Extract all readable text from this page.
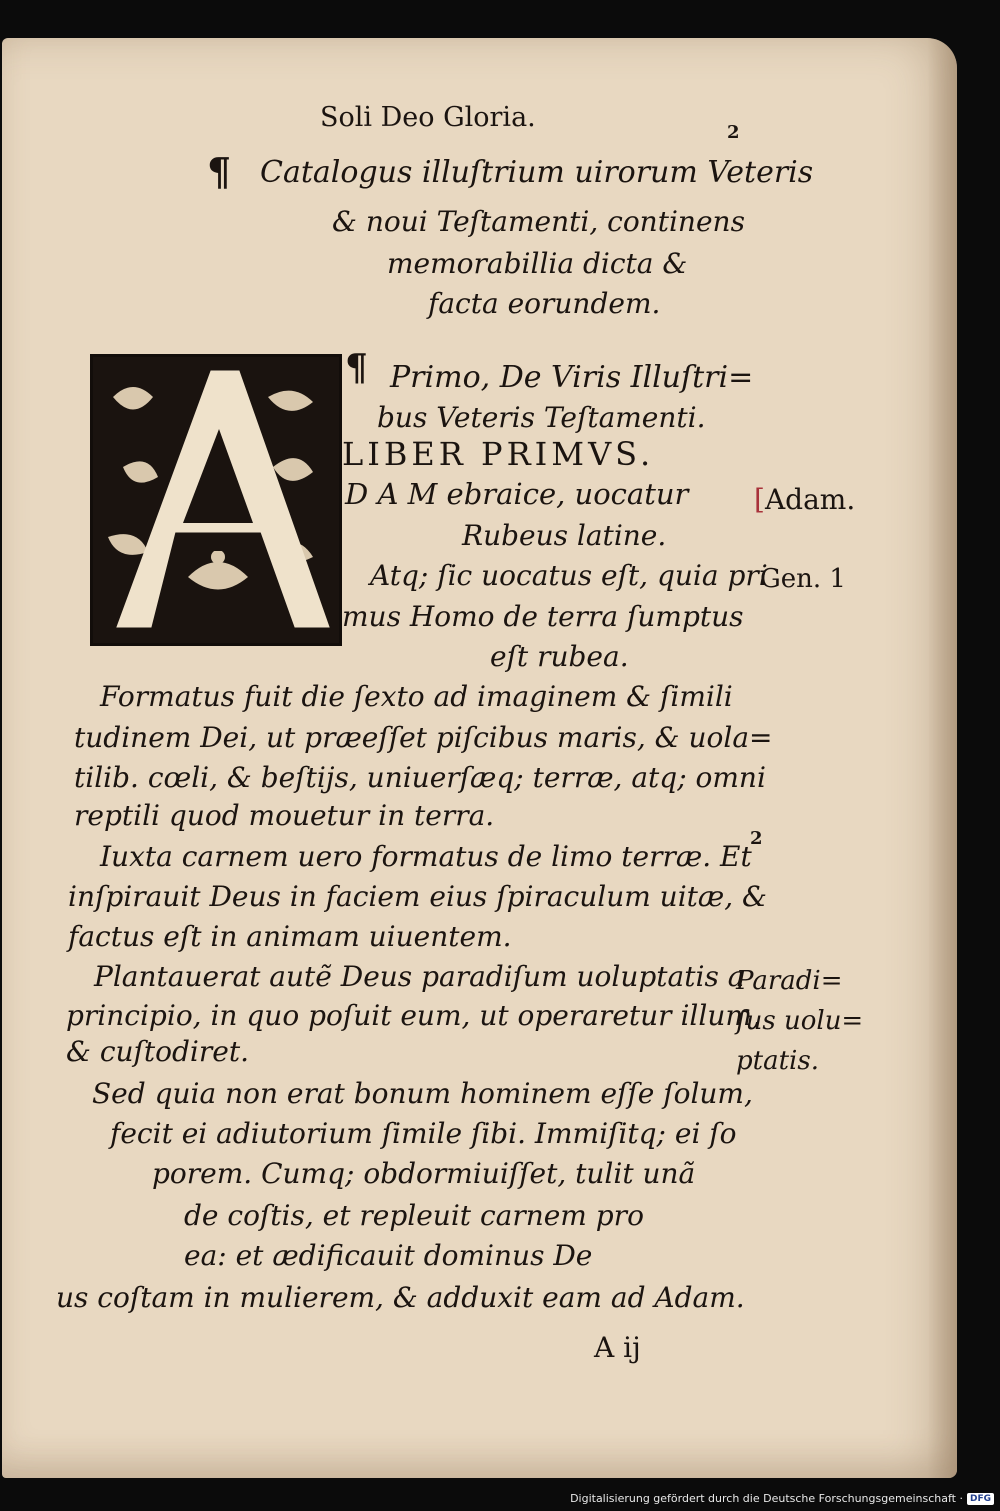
Soli Deo Gloria.	2
¶ Catalogus illuſtrium uirorum Veteris
& noui Teſtamenti, continens
memorabillia dicta &
facta eorundem.
¶ Primo, De Viris Illuſtri=
bus Veteris Teſtamenti.
LIBER PRIMVS.
D A M ebraice, uocatur
Rubeus latine.
Atq; ſic uocatus eſt, quia pri
mus Homo de terra ſumptus
eſt rubea.
Formatus fuit die ſexto ad imaginem & ſimili
tudinem Dei, ut præeſſet piſcibus maris, & uola=
tilib. cœli, & beſtijs, uniuerſæq; terræ, atq; omni
reptili quod mouetur in terra.
Iuxta carnem uero formatus de limo terræ. Et
inſpirauit Deus in faciem eius ſpiraculum uitæ, &
factus eſt in animam uiuentem.
Plantauerat autẽ Deus paradiſum uoluptatis a
principio, in quo poſuit eum, ut operaretur illum,
& cuſtodiret.
Sed quia non erat bonum hominem eſſe ſolum,
fecit ei adiutorium ſimile ſibi. Immiſitq; ei ſo
porem. Cumq; obdormiuiſſet, tulit unã
de coſtis, et repleuit carnem pro
ea: et ædificauit dominus De
us coſtam in mulierem, & adduxit eam ad Adam.
A ij
[Adam.
Gen. 1
2
Paradi=
ſus uolu=
ptatis.
Digitalisierung gefördert durch die Deutsche Forschungsgemeinschaft · DFG
